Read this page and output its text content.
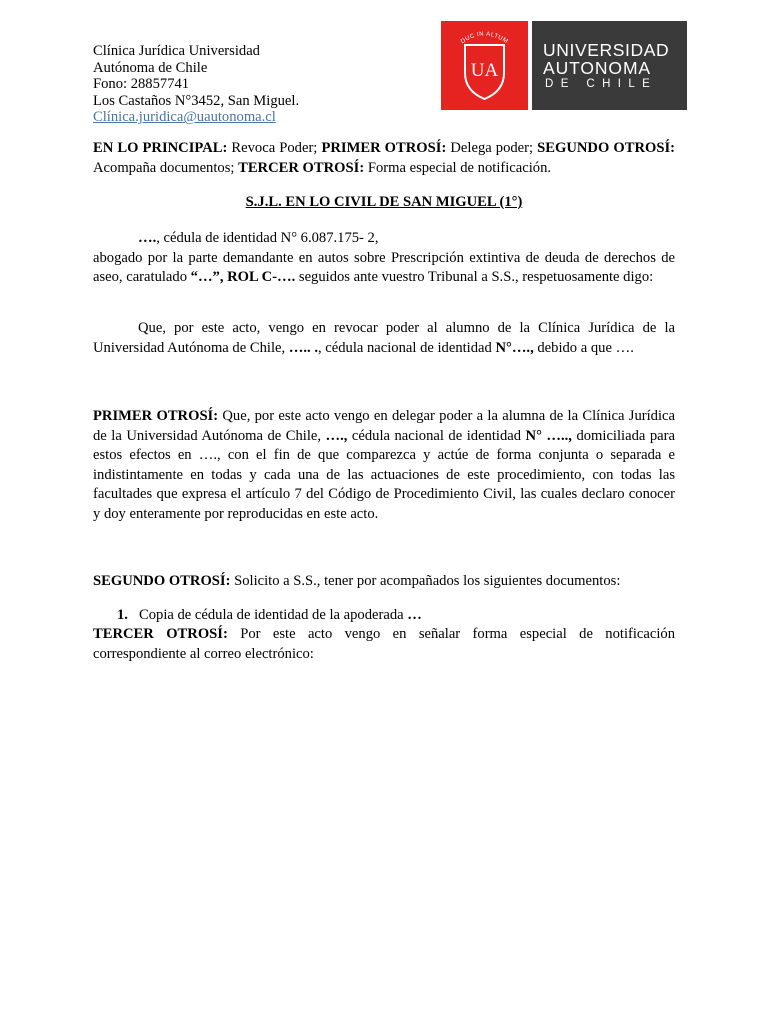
Clínica Jurídica Universidad
Autónoma de Chile
Fono: 28857741
Los Castaños N°3452, San Miguel.
Clínica.juridica@uautonoma.cl
DUC IN ALTUM
UA
UNIVERSIDAD
AUTONOMA
DE CHILE
EN LO PRINCIPAL: Revoca Poder; PRIMER OTROSÍ: Delega poder; SEGUNDO OTROSÍ: Acompaña documentos; TERCER OTROSÍ: Forma especial de notificación.
S.J.L. EN LO CIVIL DE SAN MIGUEL (1°)
…., cédula de identidad N° 6.087.175- 2,
abogado por la parte demandante en autos sobre Prescripción extintiva de deuda de derechos de aseo, caratulado “…”, ROL C-…. seguidos ante vuestro Tribunal a S.S., respetuosamente digo:
Que, por este acto, vengo en revocar poder al alumno de la Clínica Jurídica de la Universidad Autónoma de Chile, ….. ., cédula nacional de identidad N°…., debido a que ….
PRIMER OTROSÍ: Que, por este acto vengo en delegar poder a la alumna de la Clínica Jurídica de la Universidad Autónoma de Chile, …., cédula nacional de identidad N° ….., domiciliada para estos efectos en …., con el fin de que comparezca y actúe de forma conjunta o separada e indistintamente en todas y cada una de las actuaciones de este procedimiento, con todas las facultades que expresa el artículo 7 del Código de Procedimiento Civil, las cuales declaro conocer y doy enteramente por reproducidas en este acto.
SEGUNDO OTROSÍ: Solicito a S.S., tener por acompañados los siguientes documentos:
1. Copia de cédula de identidad de la apoderada …
TERCER OTROSÍ: Por este acto vengo en señalar forma especial de notificación correspondiente al correo electrónico:
